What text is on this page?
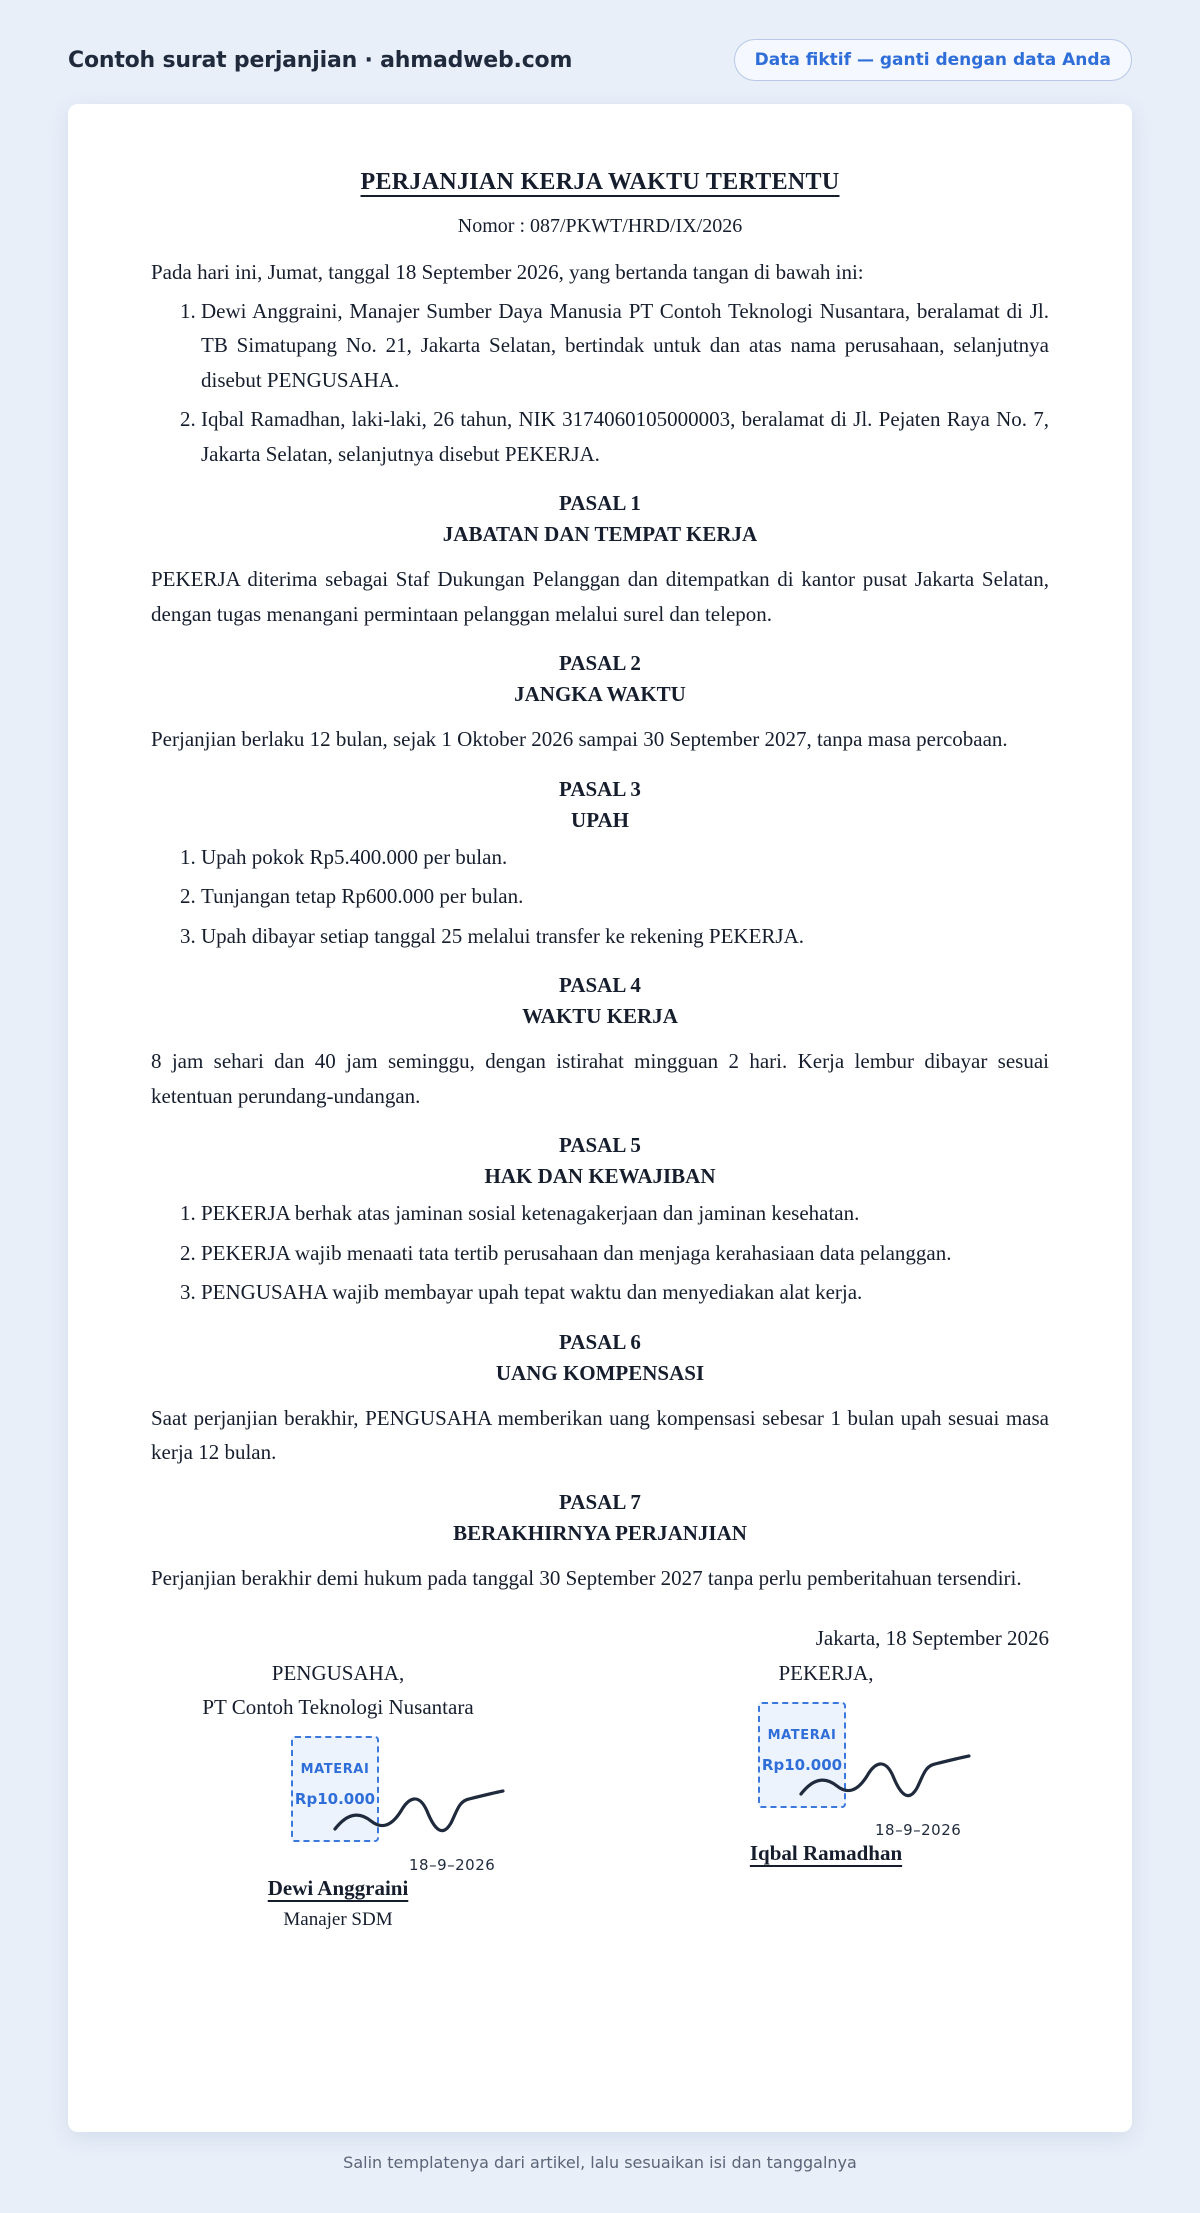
Contoh surat perjanjian · ahmadweb.com	Data fiktif — ganti dengan data Anda
PERJANJIAN KERJA WAKTU TERTENTU
Nomor : 087/PKWT/HRD/IX/2026

Pada hari ini, Jumat, tanggal 18 September 2026, yang bertanda tangan di bawah ini:

1. Dewi Anggraini, Manajer Sumber Daya Manusia PT Contoh Teknologi Nusantara, beralamat di Jl. TB Simatupang No. 21, Jakarta Selatan, bertindak untuk dan atas nama perusahaan, selanjutnya disebut PENGUSAHA.
2. Iqbal Ramadhan, laki-laki, 26 tahun, NIK 3174060105000003, beralamat di Jl. Pejaten Raya No. 7, Jakarta Selatan, selanjutnya disebut PEKERJA.
PASAL 1
JABATAN DAN TEMPAT KERJA

PEKERJA diterima sebagai Staf Dukungan Pelanggan dan ditempatkan di kantor pusat Jakarta Selatan, dengan tugas menangani permintaan pelanggan melalui surel dan telepon.

PASAL 2
JANGKA WAKTU

Perjanjian berlaku 12 bulan, sejak 1 Oktober 2026 sampai 30 September 2027, tanpa masa percobaan.

PASAL 3
UPAH
1. Upah pokok Rp5.400.000 per bulan.
2. Tunjangan tetap Rp600.000 per bulan.
3. Upah dibayar setiap tanggal 25 melalui transfer ke rekening PEKERJA.
PASAL 4
WAKTU KERJA

8 jam sehari dan 40 jam seminggu, dengan istirahat mingguan 2 hari. Kerja lembur dibayar sesuai ketentuan perundang-undangan.

PASAL 5
HAK DAN KEWAJIBAN
1. PEKERJA berhak atas jaminan sosial ketenagakerjaan dan jaminan kesehatan.
2. PEKERJA wajib menaati tata tertib perusahaan dan menjaga kerahasiaan data pelanggan.
3. PENGUSAHA wajib membayar upah tepat waktu dan menyediakan alat kerja.
PASAL 6
UANG KOMPENSASI

Saat perjanjian berakhir, PENGUSAHA memberikan uang kompensasi sebesar 1 bulan upah sesuai masa kerja 12 bulan.

PASAL 7
BERAKHIRNYA PERJANJIAN

Perjanjian berakhir demi hukum pada tanggal 30 September 2027 tanpa perlu pemberitahuan tersendiri.

Jakarta, 18 September 2026
PENGUSAHA,
PT Contoh Teknologi Nusantara
MATERAI
Rp10.000
18–9–2026
Dewi Anggraini
Manajer SDM
PEKERJA,
MATERAI
Rp10.000
18–9–2026
Iqbal Ramadhan
Salin templatenya dari artikel, lalu sesuaikan isi dan tanggalnya
